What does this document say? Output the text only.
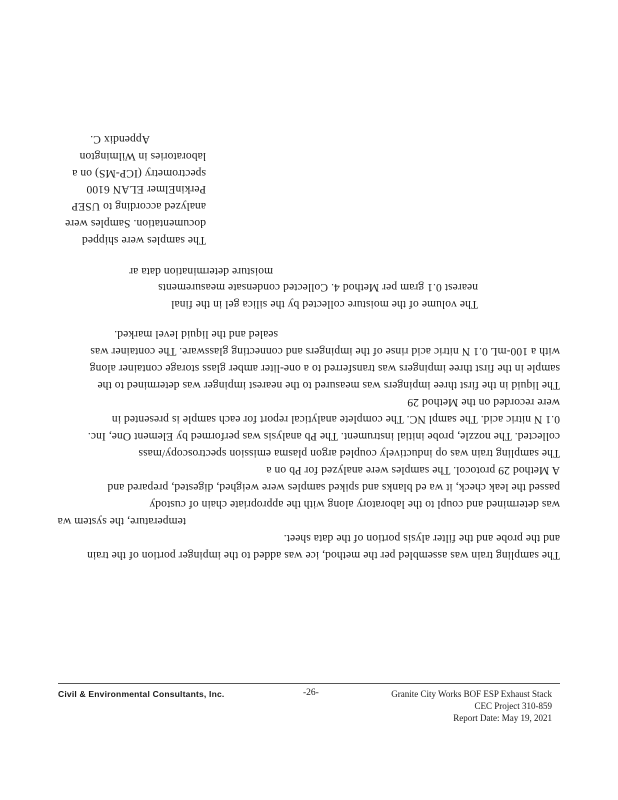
Appendix C.
laboratories in Wilmington
spectrometry (ICP-MS) on a
PerkinElmer ELAN 6100
analyzed according to USEP
documentation. Samples were
The samples were shipped
moisture determination data ar
nearest 0.1 gram per Method 4. Collected condensate measurements
The volume of the moisture collected by the silica gel in the final
sealed and the liquid level marked.
with a 100-mL 0.1 N nitric acid rinse of the impingers and connecting glassware. The container was
sample in the first three impingers was transferred to a one-liter amber glass storage container along
The liquid in the first three impingers was measured to the nearest impinger was determined to the
were recorded on the Method 29
0.1 N nitric acid. The sampl NC. The complete analytical report for each sample is presented in
collected. The nozzle, probe initial instrument. The Pb analysis was performed by Element One, Inc.
The sampling train was op inductively coupled argon plasma emission spectroscopy/mass
A Method 29 protocol. The samples were analyzed for Pb on a
passed the leak check, it wa ed blanks and spiked samples were weighed, digested, prepared and
was determined and coupl to the laboratory along with the appropriate chain of custody
temperature, the system wa
and the probe and the filter alysis portion of the data sheet.
The sampling train was assembled per the method, ice was added to the impinger portion of the train
Civil & Environmental Consultants, Inc.	-26-	Granite City Works BOF ESP Exhaust Stack
CEC Project 310-859
Report Date: May 19, 2021
